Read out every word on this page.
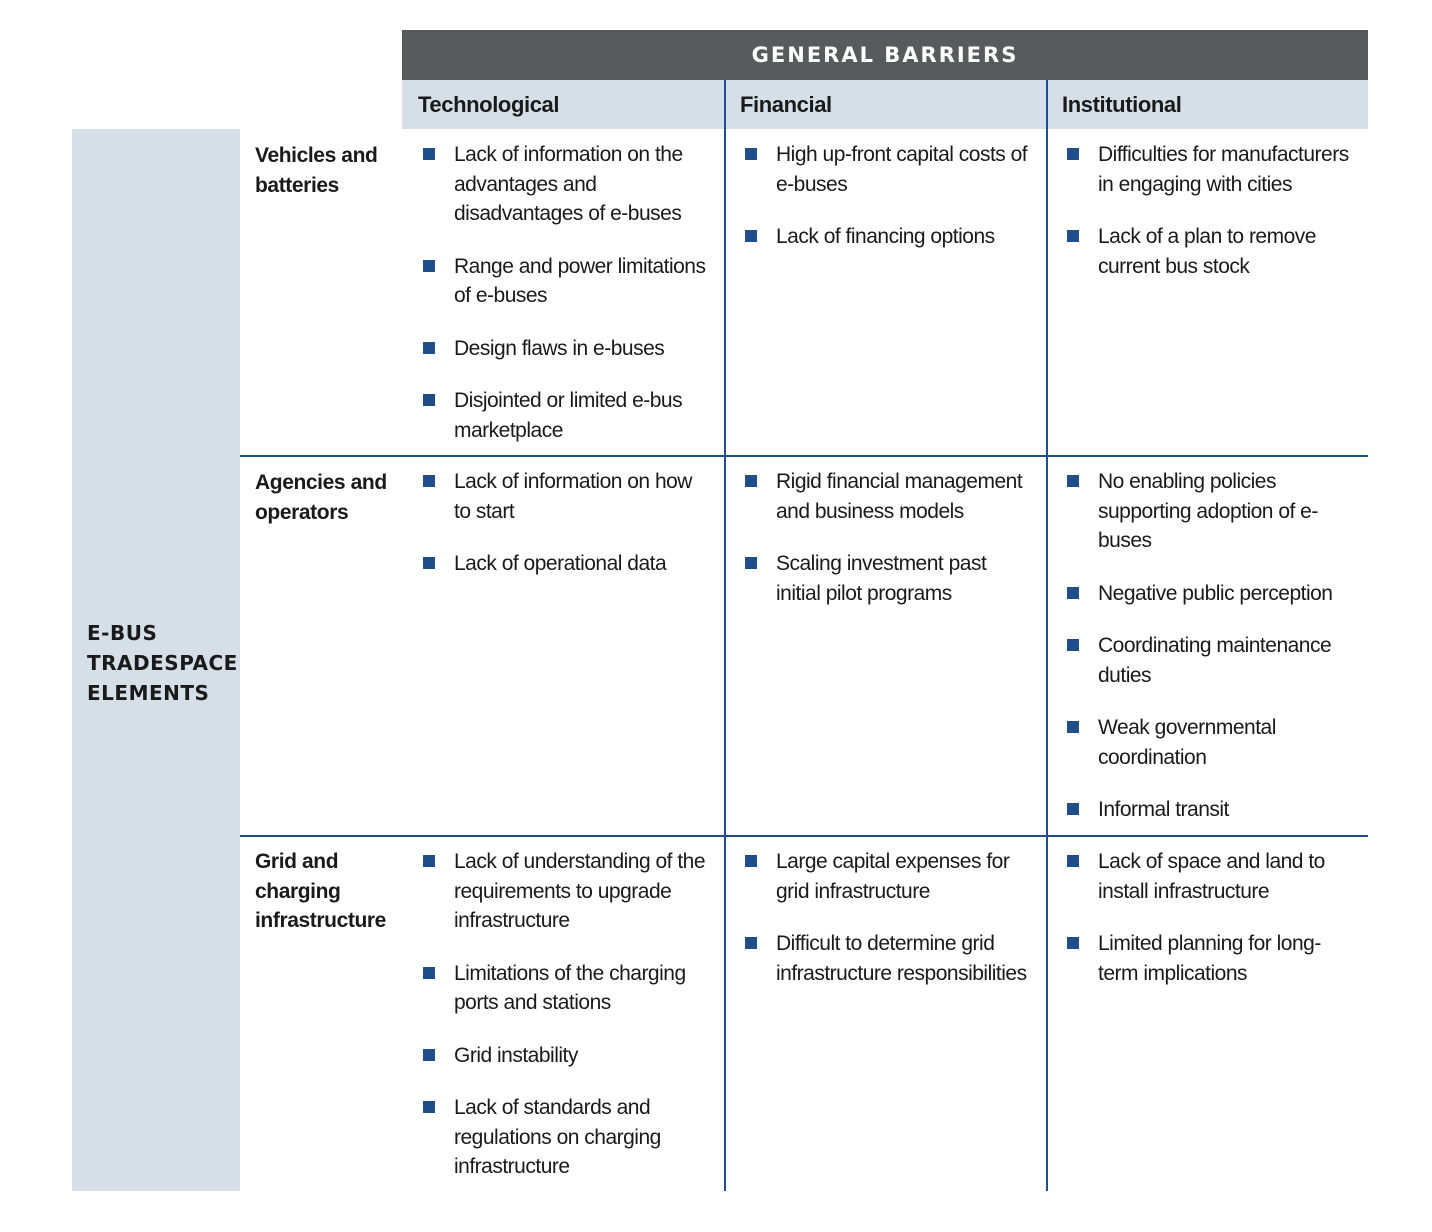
GENERAL BARRIERS
Technological	Financial	Institutional
E-BUS
TRADESPACE
ELEMENTS
Vehicles and batteries
Agencies and operators
Grid and charging infrastructure
Lack of information on the advantages and disadvantages of e-buses
Range and power limitations of e-buses
Design flaws in e-buses
Disjointed or limited e-bus marketplace
High up-front capital costs of e-buses
Lack of financing options
Difficulties for manufacturers in engaging with cities
Lack of a plan to remove current bus stock
Lack of information on how to start
Lack of operational data
Rigid financial management and business models
Scaling investment past initial pilot programs
No enabling policies supporting adoption of e-buses
Negative public perception
Coordinating maintenance duties
Weak governmental coordination
Informal transit
Lack of understanding of the requirements to upgrade infrastructure
Limitations of the charging ports and stations
Grid instability
Lack of standards and regulations on charging infrastructure
Large capital expenses for grid infrastructure
Difficult to determine grid infrastructure responsibilities
Lack of space and land to install infrastructure
Limited planning for long-term implications
